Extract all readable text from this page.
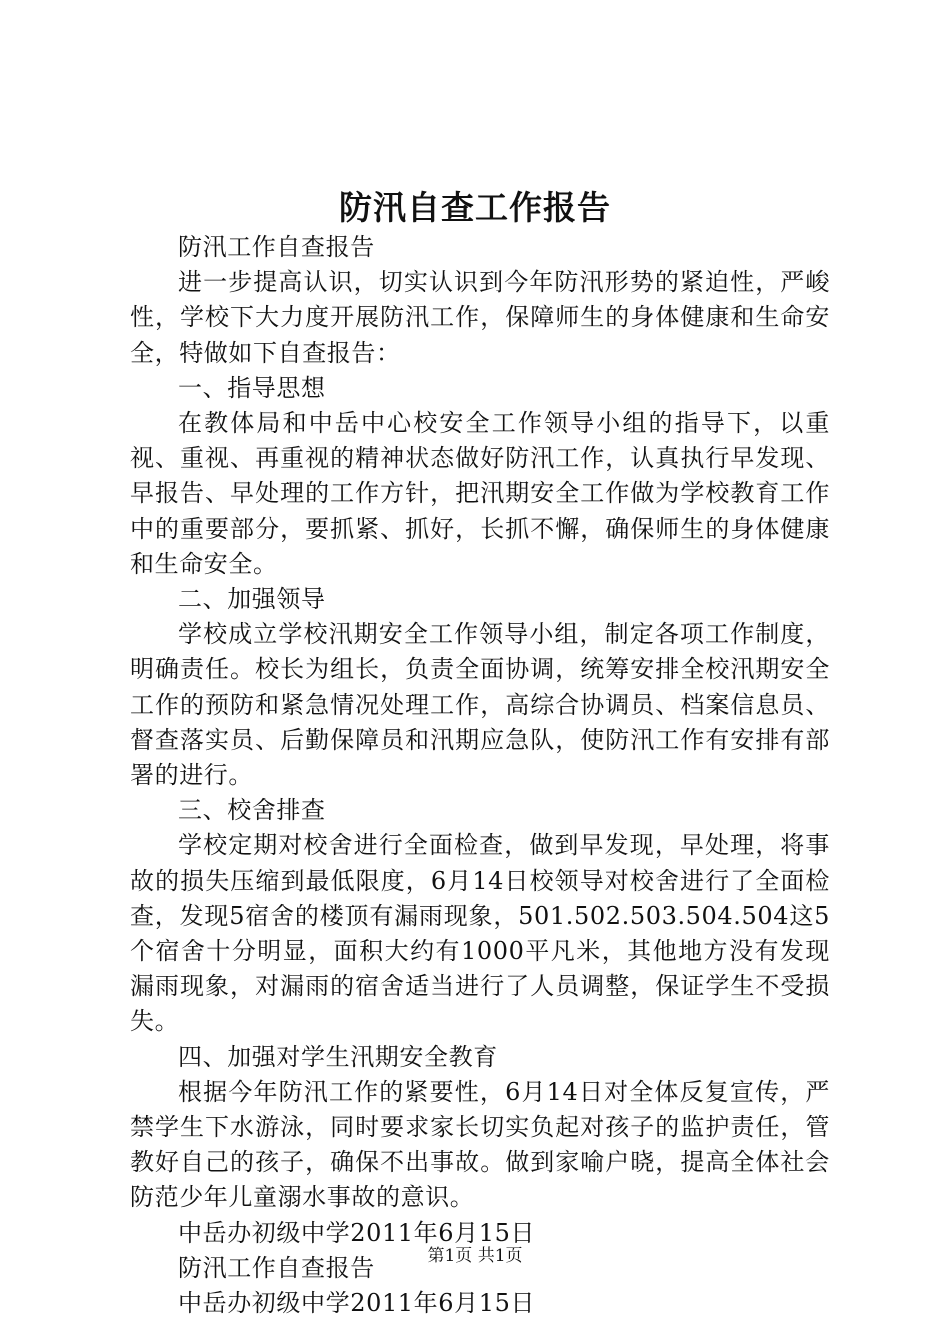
防汛自查工作报告

防汛工作自查报告

进一步提高认识，切实认识到今年防汛形势的紧迫性，严峻性，学校下大力度开展防汛工作，保障师生的身体健康和生命安全，特做如下自查报告：

一、指导思想

在教体局和中岳中心校安全工作领导小组的指导下，以重视、重视、再重视的精神状态做好防汛工作，认真执行早发现、早报告、早处理的工作方针，把汛期安全工作做为学校教育工作中的重要部分，要抓紧、抓好，长抓不懈，确保师生的身体健康和生命安全。

二、加强领导

学校成立学校汛期安全工作领导小组，制定各项工作制度，明确责任。校长为组长，负责全面协调，统筹安排全校汛期安全工作的预防和紧急情况处理工作，高综合协调员、档案信息员、督查落实员、后勤保障员和汛期应急队，使防汛工作有安排有部署的进行。

三、校舍排查

学校定期对校舍进行全面检查，做到早发现，早处理，将事故的损失压缩到最低限度，6月14日校领导对校舍进行了全面检查，发现5宿舍的楼顶有漏雨现象，501.502.503.504.504这5个宿舍十分明显，面积大约有1000平凡米，其他地方没有发现漏雨现象，对漏雨的宿舍适当进行了人员调整，保证学生不受损失。

四、加强对学生汛期安全教育

根据今年防汛工作的紧要性，6月14日对全体反复宣传，严禁学生下水游泳，同时要求家长切实负起对孩子的监护责任，管教好自己的孩子，确保不出事故。做到家喻户晓，提高全体社会防范少年儿童溺水事故的意识。

中岳办初级中学2011年6月15日

防汛工作自查报告

中岳办初级中学2011年6月15日

第1页 共1页
